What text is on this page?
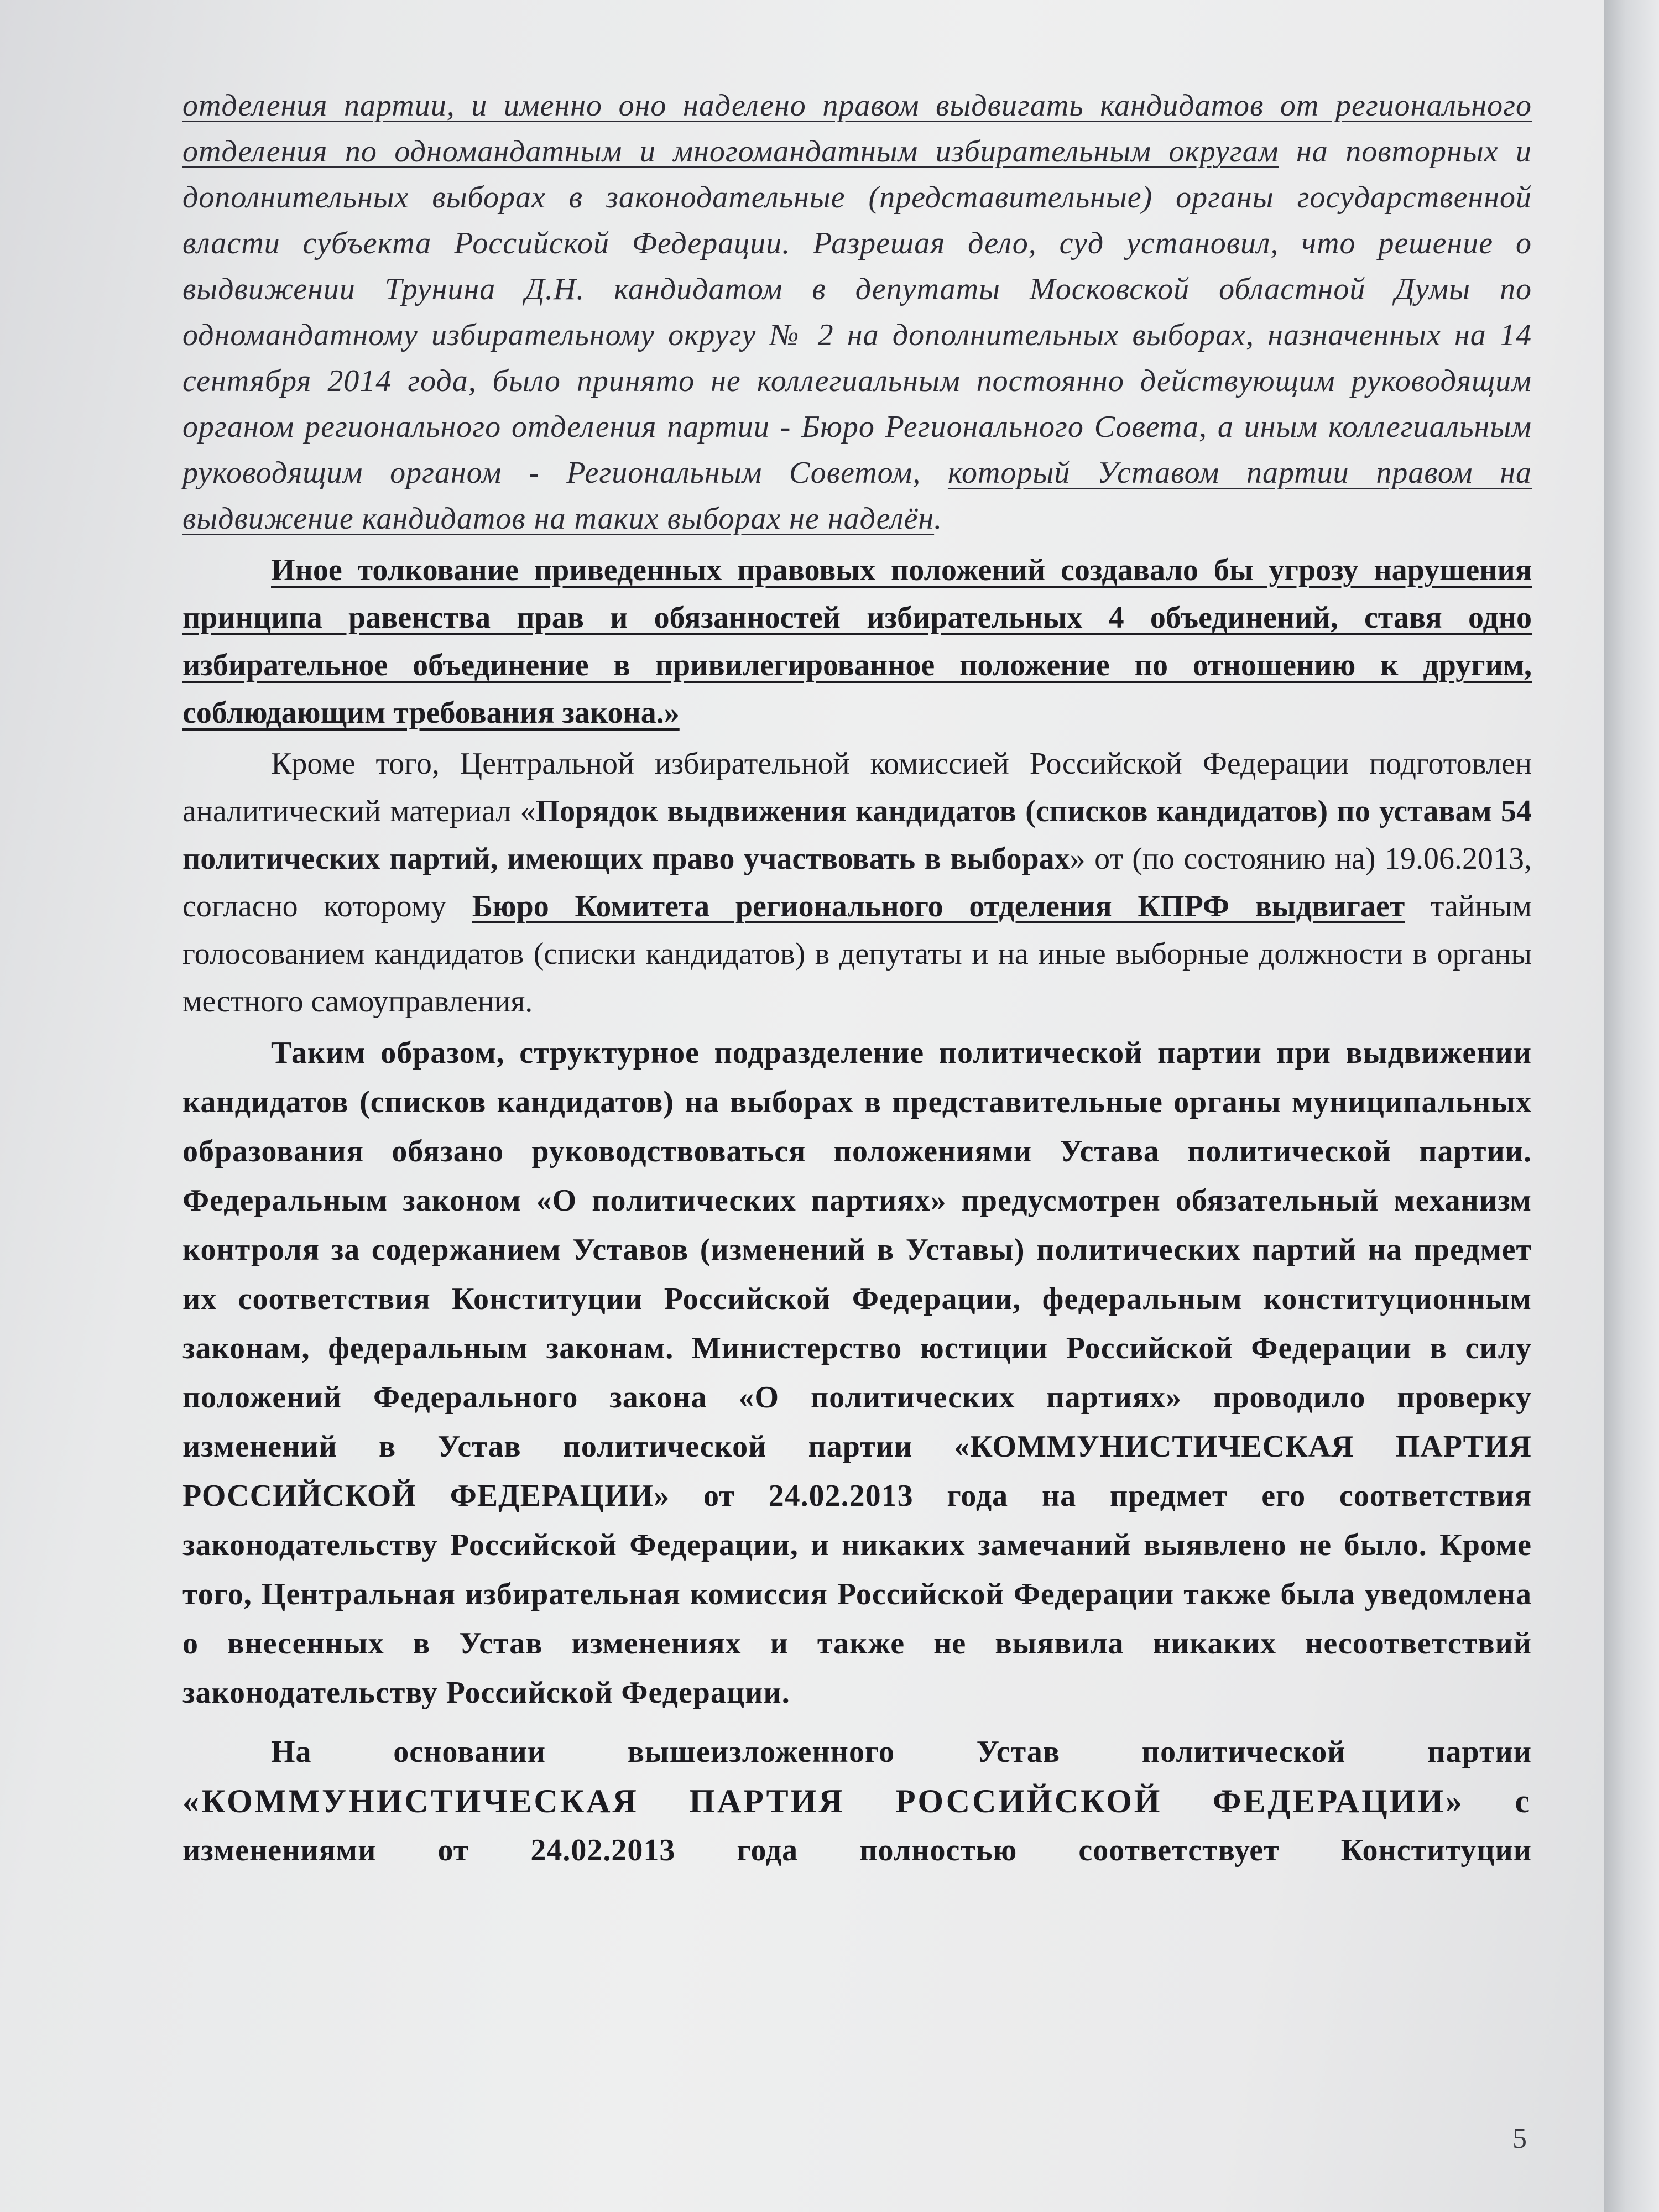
отделения партии, и именно оно наделено правом выдвигать кандидатов от регионального отделения по одномандатным и многомандатным избирательным округам на повторных и дополнительных выборах в законодательные (представительные) органы государственной власти субъекта Российской Федерации. Разрешая дело, суд установил, что решение о выдвижении Трунина Д.Н. кандидатом в депутаты Московской областной Думы по одномандатному избирательному округу № 2 на дополнительных выборах, назначенных на 14 сентября 2014 года, было принято не коллегиальным постоянно действующим руководящим органом регионального отделения партии - Бюро Регионального Совета, а иным коллегиальным руководящим органом - Региональным Советом, который Уставом партии правом на выдвижение кандидатов на таких выборах не наделён.

Иное толкование приведенных правовых положений создавало бы угрозу нарушения принципа равенства прав и обязанностей избирательных 4 объединений, ставя одно избирательное объединение в привилегированное положение по отношению к другим, соблюдающим требования закона.»

Кроме того, Центральной избирательной комиссией Российской Федерации подготовлен аналитический материал «Порядок выдвижения кандидатов (списков кандидатов) по уставам 54 политических партий, имеющих право участвовать в выборах» от (по состоянию на) 19.06.2013, согласно которому Бюро Комитета регионального отделения КПРФ выдвигает тайным голосованием кандидатов (списки кандидатов) в депутаты и на иные выборные должности в органы местного самоуправления.

Таким образом, структурное подразделение политической партии при выдвижении кандидатов (списков кандидатов) на выборах в представительные органы муниципальных образования обязано руководствоваться положениями Устава политической партии. Федеральным законом «О политических партиях» предусмотрен обязательный механизм контроля за содержанием Уставов (изменений в Уставы) политических партий на предмет их соответствия Конституции Российской Федерации, федеральным конституционным законам, федеральным законам. Министерство юстиции Российской Федерации в силу положений Федерального закона «О политических партиях» проводило проверку изменений в Устав политической партии «КОММУНИСТИЧЕСКАЯ ПАРТИЯ РОССИЙСКОЙ ФЕДЕРАЦИИ» от 24.02.2013 года на предмет его соответствия законодательству Российской Федерации, и никаких замечаний выявлено не было. Кроме того, Центральная избирательная комиссия Российской Федерации также была уведомлена о внесенных в Устав изменениях и также не выявила никаких несоответствий законодательству Российской Федерации.

На основании вышеизложенного Устав политической партии

«КОММУНИСТИЧЕСКАЯ ПАРТИЯ РОССИЙСКОЙ ФЕДЕРАЦИИ» с

изменениями от 24.02.2013 года полностью соответствует Конституции

5
